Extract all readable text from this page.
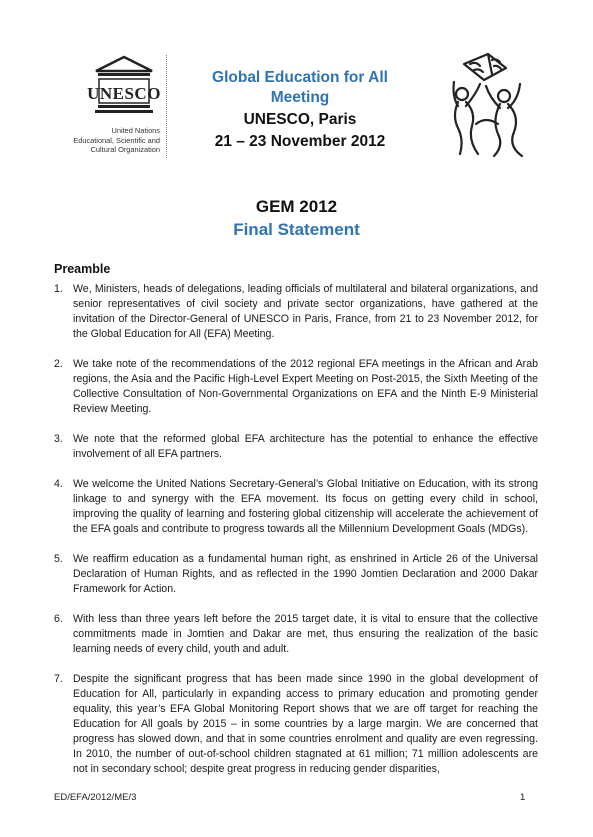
UNESCO
United Nations
Educational, Scientific and
Cultural Organization
Global Education for All
Meeting
UNESCO, Paris
21 – 23 November 2012
GEM 2012
Final Statement
Preamble
1. We, Ministers, heads of delegations, leading officials of multilateral and bilateral organizations, and senior representatives of civil society and private sector organizations, have gathered at the invitation of the Director-General of UNESCO in Paris, France, from 21 to 23 November 2012, for the Global Education for All (EFA) Meeting.
2. We take note of the recommendations of the 2012 regional EFA meetings in the African and Arab regions, the Asia and the Pacific High-Level Expert Meeting on Post-2015, the Sixth Meeting of the Collective Consultation of Non-Governmental Organizations on EFA and the Ninth E-9 Ministerial Review Meeting.
3. We note that the reformed global EFA architecture has the potential to enhance the effective involvement of all EFA partners.
4. We welcome the United Nations Secretary-General’s Global Initiative on Education, with its strong linkage to and synergy with the EFA movement. Its focus on getting every child in school, improving the quality of learning and fostering global citizenship will accelerate the achievement of the EFA goals and contribute to progress towards all the Millennium Development Goals (MDGs).
5. We reaffirm education as a fundamental human right, as enshrined in Article 26 of the Universal Declaration of Human Rights, and as reflected in the 1990 Jomtien Declaration and 2000 Dakar Framework for Action.
6. With less than three years left before the 2015 target date, it is vital to ensure that the collective commitments made in Jomtien and Dakar are met, thus ensuring the realization of the basic learning needs of every child, youth and adult.
7. Despite the significant progress that has been made since 1990 in the global development of Education for All, particularly in expanding access to primary education and promoting gender equality, this year’s EFA Global Monitoring Report shows that we are off target for reaching the Education for All goals by 2015 – in some countries by a large margin. We are concerned that progress has slowed down, and that in some countries enrolment and quality are even regressing. In 2010, the number of out-of-school children stagnated at 61 million; 71 million adolescents are not in secondary school; despite great progress in reducing gender disparities,
ED/EFA/2012/ME/3	1
